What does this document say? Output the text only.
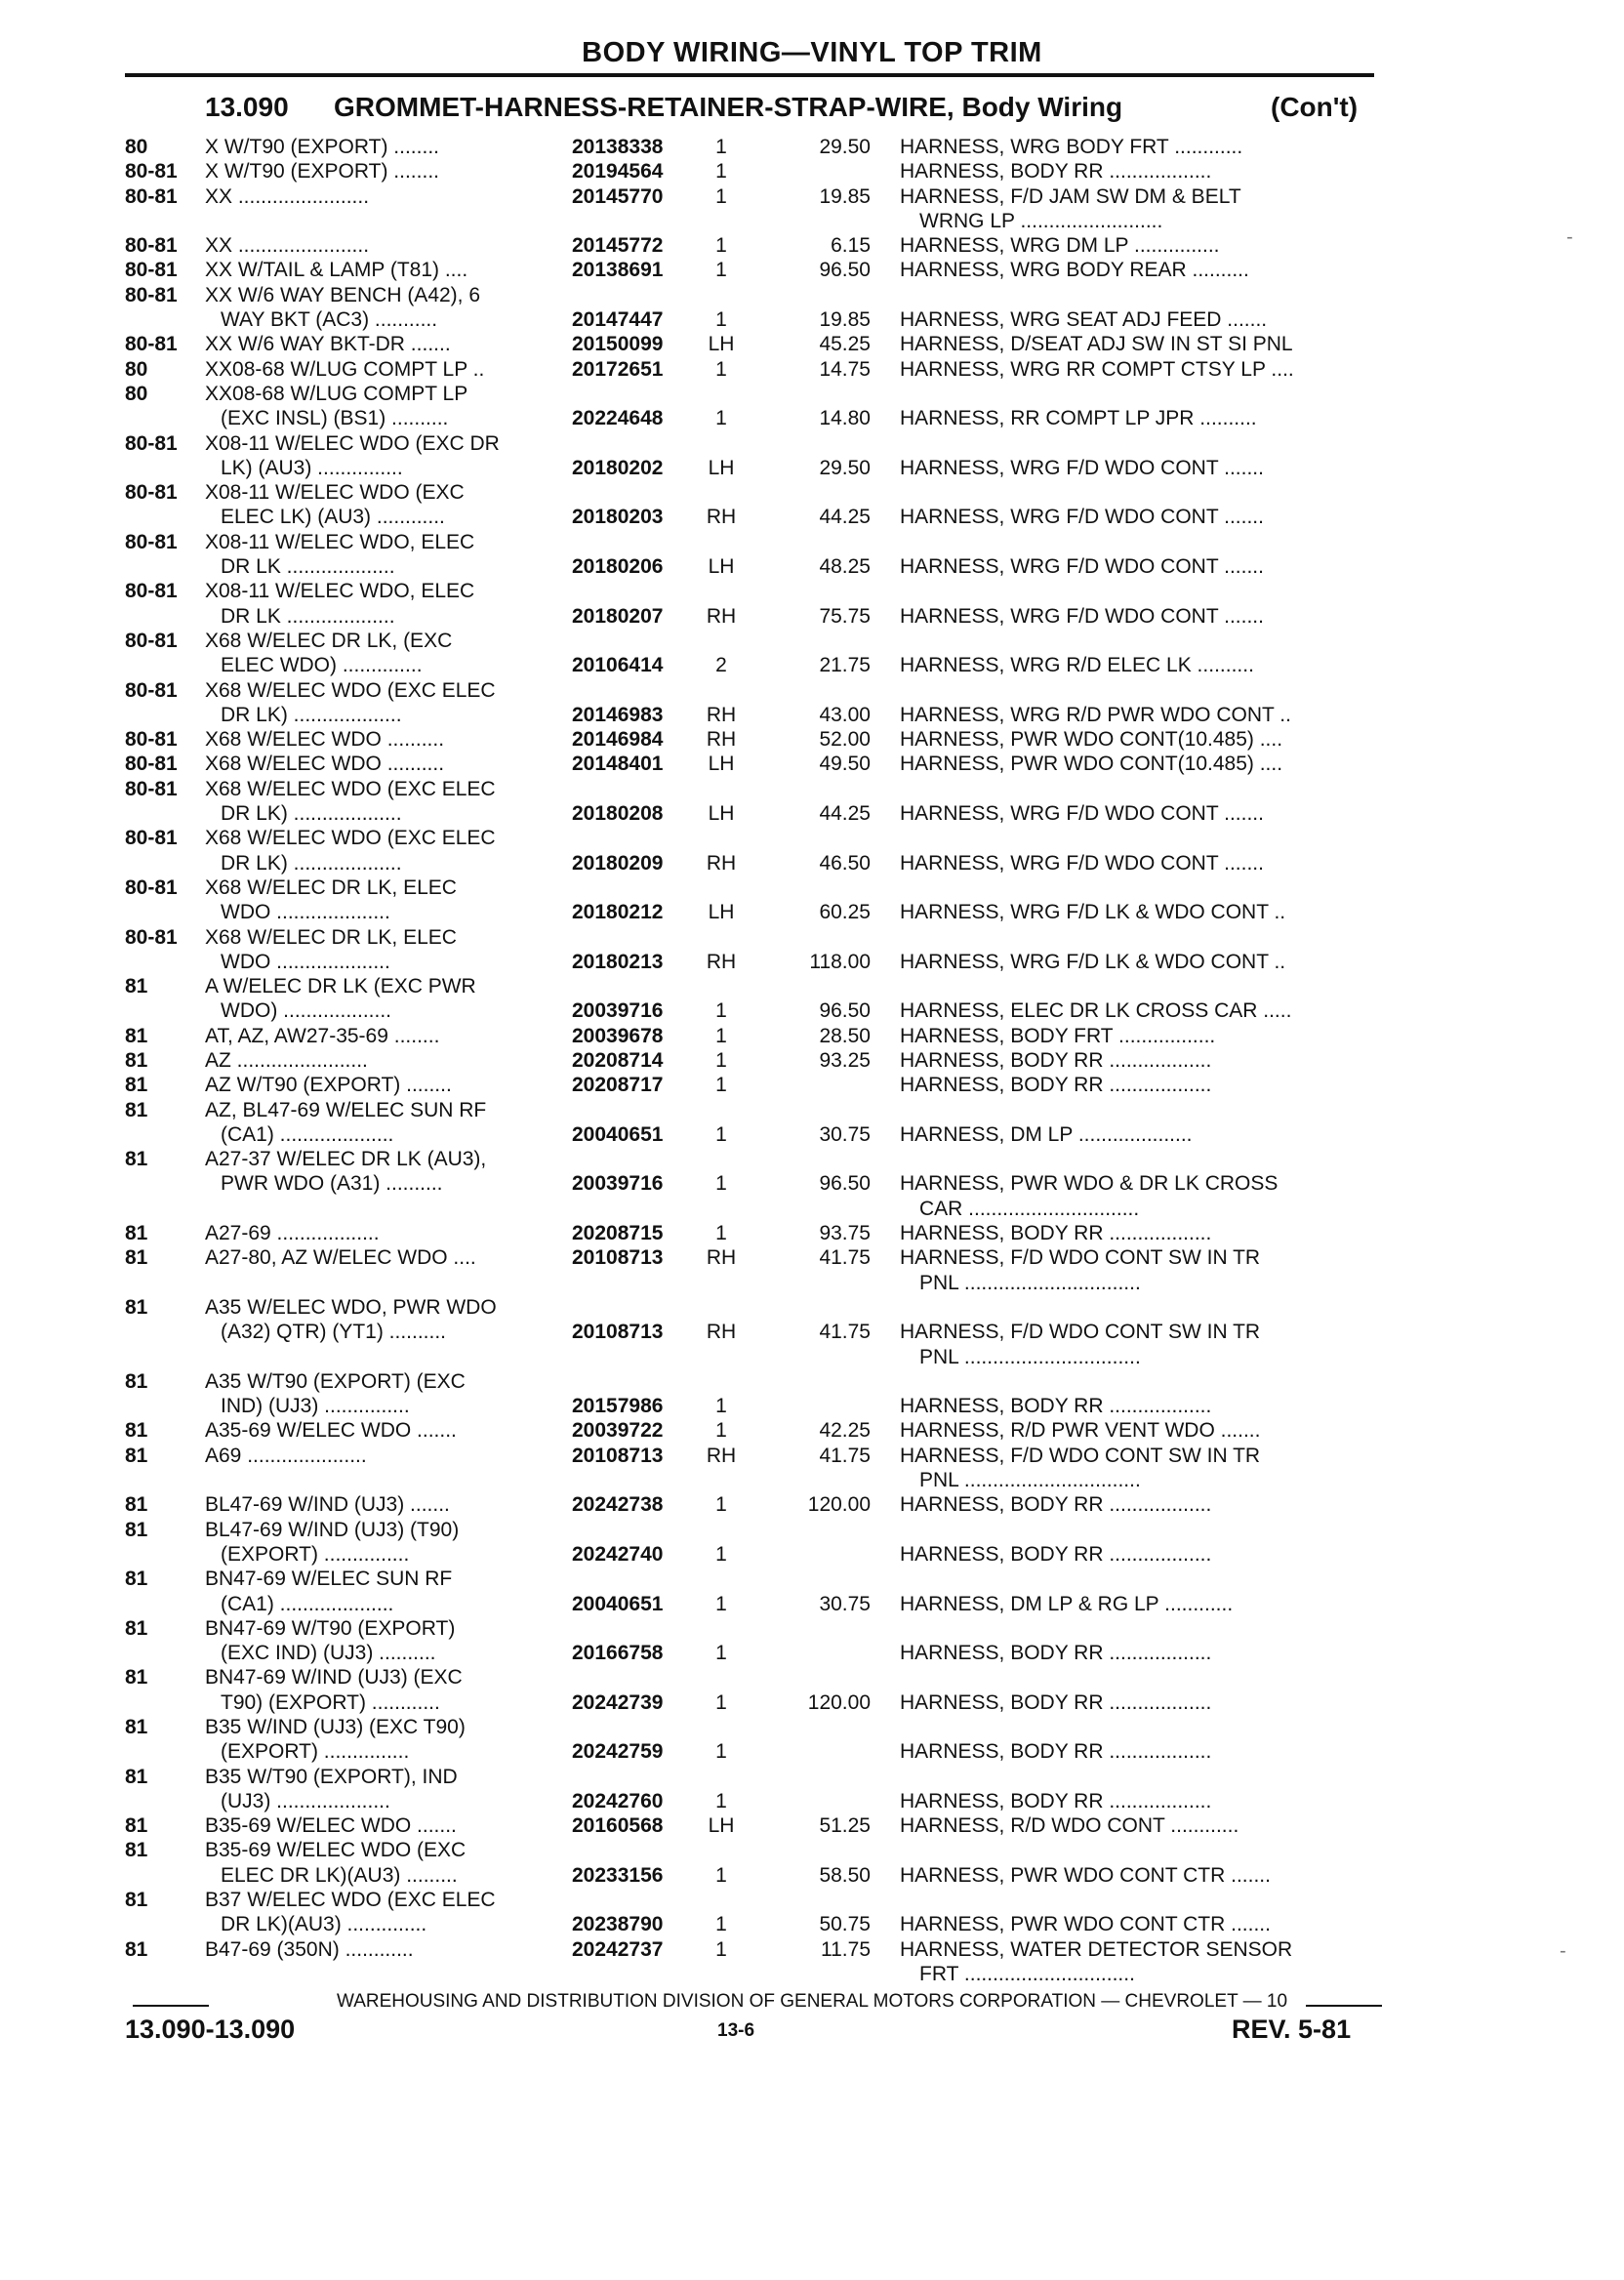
BODY WIRING—VINYL TOP TRIM
13.090 GROMMET-HARNESS-RETAINER-STRAP-WIRE, Body Wiring	(Con't)
80	X W/T90 (EXPORT) ........	20138338	1	29.50 HARNESS, WRG BODY FRT ............
80-81 X W/T90 (EXPORT) ........	20194564	1	HARNESS, BODY RR ..................
80-81 XX .......................	20145770	1	19.85 HARNESS, F/D JAM SW DM & BELT
WRNG LP .........................
80-81 XX .......................	20145772	1	6.15 HARNESS, WRG DM LP ...............
80-81 XX W/TAIL & LAMP (T81) ....	20138691	1	96.50 HARNESS, WRG BODY REAR ..........
80-81 XX W/6 WAY BENCH (A42), 6
WAY BKT (AC3) ...........	20147447	1	19.85 HARNESS, WRG SEAT ADJ FEED .......
80-81 XX W/6 WAY BKT-DR .......	20150099	LH	45.25 HARNESS, D/SEAT ADJ SW IN ST SI PNL
80	XX08-68 W/LUG COMPT LP ..	20172651	1	14.75 HARNESS, WRG RR COMPT CTSY LP ....
80	XX08-68 W/LUG COMPT LP
(EXC INSL) (BS1) ..........	20224648	1	14.80 HARNESS, RR COMPT LP JPR ..........
80-81 X08-11 W/ELEC WDO (EXC DR
LK) (AU3) ...............	20180202	LH	29.50 HARNESS, WRG F/D WDO CONT .......
80-81 X08-11 W/ELEC WDO (EXC
ELEC LK) (AU3) ............	20180203 RH	44.25 HARNESS, WRG F/D WDO CONT .......
80-81 X08-11 W/ELEC WDO, ELEC
DR LK ...................	20180206	LH	48.25 HARNESS, WRG F/D WDO CONT .......
80-81 X08-11 W/ELEC WDO, ELEC
DR LK ...................	20180207 RH	75.75 HARNESS, WRG F/D WDO CONT .......
80-81 X68 W/ELEC DR LK, (EXC
ELEC WDO) ..............	20106414	2	21.75 HARNESS, WRG R/D ELEC LK ..........
80-81 X68 W/ELEC WDO (EXC ELEC
DR LK) ...................	20146983 RH	43.00 HARNESS, WRG R/D PWR WDO CONT ..
80-81 X68 W/ELEC WDO ..........	20146984 RH	52.00 HARNESS, PWR WDO CONT(10.485) ....
80-81 X68 W/ELEC WDO ..........	20148401	LH	49.50 HARNESS, PWR WDO CONT(10.485) ....
80-81 X68 W/ELEC WDO (EXC ELEC
DR LK) ...................	20180208	LH	44.25 HARNESS, WRG F/D WDO CONT .......
80-81 X68 W/ELEC WDO (EXC ELEC
DR LK) ...................	20180209 RH	46.50 HARNESS, WRG F/D WDO CONT .......
80-81 X68 W/ELEC DR LK, ELEC
WDO ....................	20180212	LH	60.25 HARNESS, WRG F/D LK & WDO CONT ..
80-81 X68 W/ELEC DR LK, ELEC
WDO ....................	20180213 RH	118.00 HARNESS, WRG F/D LK & WDO CONT ..
81	A W/ELEC DR LK (EXC PWR
WDO) ...................	20039716	1	96.50 HARNESS, ELEC DR LK CROSS CAR .....
81	AT, AZ, AW27-35-69 ........	20039678	1	28.50 HARNESS, BODY FRT .................
81	AZ .......................	20208714	1	93.25 HARNESS, BODY RR ..................
81	AZ W/T90 (EXPORT) ........	20208717	1	HARNESS, BODY RR ..................
81	AZ, BL47-69 W/ELEC SUN RF
(CA1) ....................	20040651	1	30.75 HARNESS, DM LP ....................
81	A27-37 W/ELEC DR LK (AU3),
PWR WDO (A31) ..........	20039716	1	96.50 HARNESS, PWR WDO & DR LK CROSS
CAR ..............................
81	A27-69 ..................	20208715	1	93.75 HARNESS, BODY RR ..................
81	A27-80, AZ W/ELEC WDO ....	20108713 RH	41.75 HARNESS, F/D WDO CONT SW IN TR
PNL ...............................
81	A35 W/ELEC WDO, PWR WDO
(A32) QTR) (YT1) ..........	20108713 RH	41.75 HARNESS, F/D WDO CONT SW IN TR
PNL ...............................
81	A35 W/T90 (EXPORT) (EXC
IND) (UJ3) ...............	20157986	1	HARNESS, BODY RR ..................
81	A35-69 W/ELEC WDO .......	20039722	1	42.25 HARNESS, R/D PWR VENT WDO .......
81	A69 .....................	20108713 RH	41.75 HARNESS, F/D WDO CONT SW IN TR
PNL ...............................
81	BL47-69 W/IND (UJ3) .......	20242738	1	120.00 HARNESS, BODY RR ..................
81	BL47-69 W/IND (UJ3) (T90)
(EXPORT) ...............	20242740	1	HARNESS, BODY RR ..................
81	BN47-69 W/ELEC SUN RF
(CA1) ....................	20040651	1	30.75 HARNESS, DM LP & RG LP ............
81	BN47-69 W/T90 (EXPORT)
(EXC IND) (UJ3) ..........	20166758	1	HARNESS, BODY RR ..................
81	BN47-69 W/IND (UJ3) (EXC
T90) (EXPORT) ............	20242739	1	120.00 HARNESS, BODY RR ..................
81	B35 W/IND (UJ3) (EXC T90)
(EXPORT) ...............	20242759	1	HARNESS, BODY RR ..................
81	B35 W/T90 (EXPORT), IND
(UJ3) ....................	20242760	1	HARNESS, BODY RR ..................
81	B35-69 W/ELEC WDO .......	20160568	LH	51.25 HARNESS, R/D WDO CONT ............
81	B35-69 W/ELEC WDO (EXC
ELEC DR LK)(AU3) .........	20233156	1	58.50 HARNESS, PWR WDO CONT CTR .......
81	B37 W/ELEC WDO (EXC ELEC
DR LK)(AU3) ..............	20238790	1	50.75 HARNESS, PWR WDO CONT CTR .......
81	B47-69 (350N) ............	20242737	1	11.75 HARNESS, WATER DETECTOR SENSOR
FRT ..............................
WAREHOUSING AND DISTRIBUTION DIVISION OF GENERAL MOTORS CORPORATION — CHEVROLET — 10
13.090-13.090	13-6	REV. 5-81
-
-
